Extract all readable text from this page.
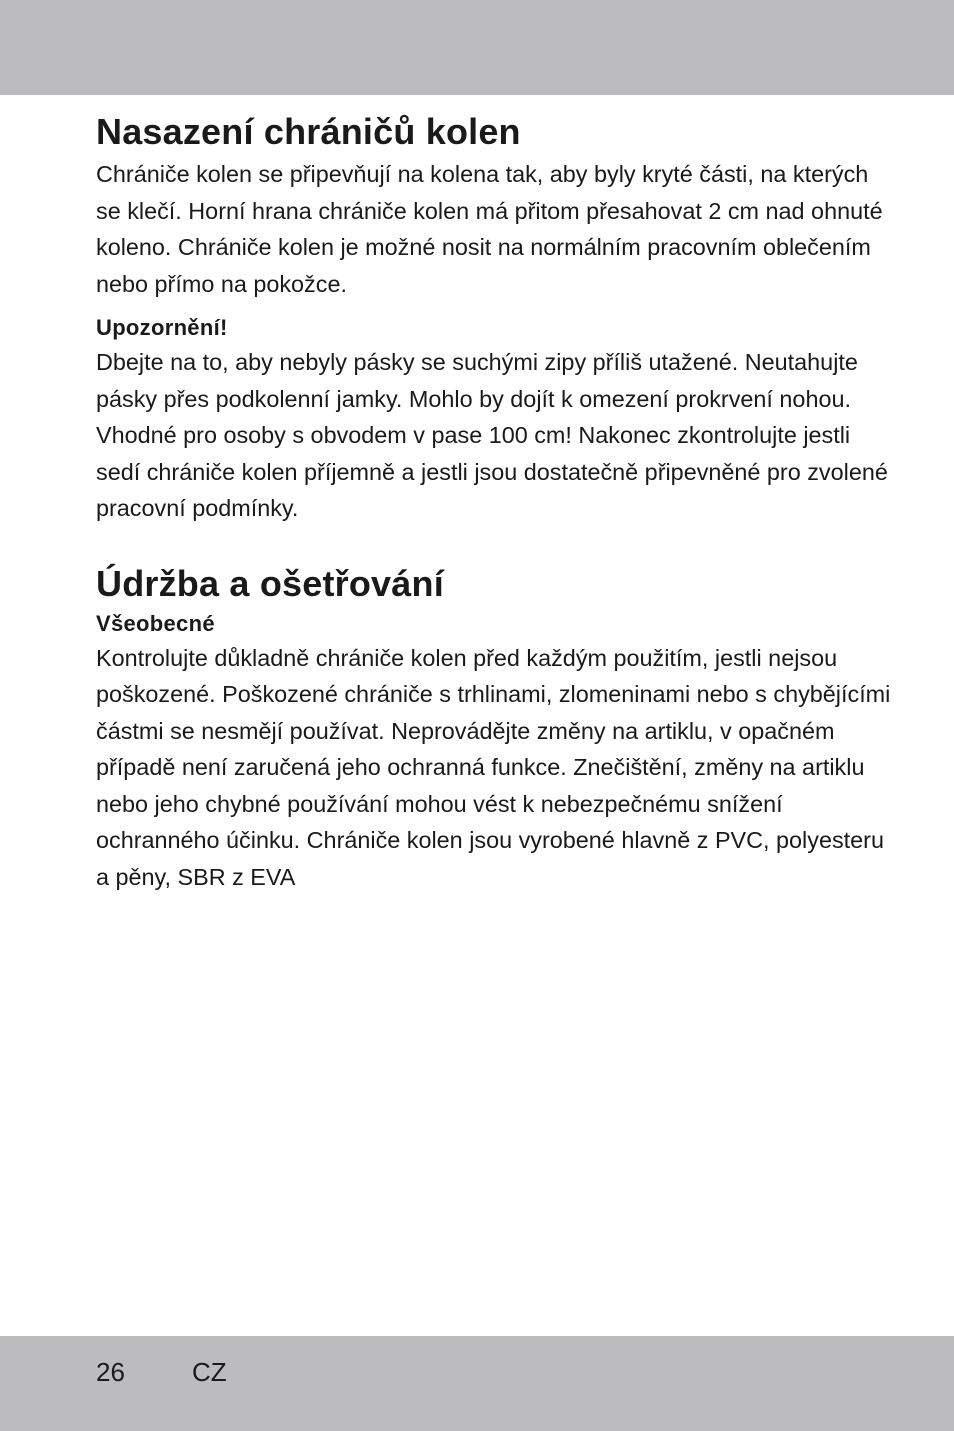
Nasazení chráničů kolen

Chrániče kolen se připevňují na kolena tak, aby byly kryté části, na kterých se klečí. Horní hrana chrániče kolen má přitom přesahovat 2 cm nad ohnuté koleno. Chrániče kolen je možné nosit na normálním pracovním oblečením nebo přímo na pokožce.

Upozornění!

Dbejte na to, aby nebyly pásky se suchými zipy příliš utažené. Neutahujte pásky přes podkolenní jamky. Mohlo by dojít k omezení prokrvení nohou. Vhodné pro osoby s obvodem v pase 100 cm! Nakonec zkontrolujte jestli sedí chrániče kolen příjemně a jestli jsou dostatečně připevněné pro zvolené pracovní podmínky.

Údržba a ošetřování
Všeobecné

Kontrolujte důkladně chrániče kolen před každým použitím, jestli nejsou poškozené. Poškozené chrániče s trhlinami, zlomeninami nebo s chybějícími částmi se nesmějí používat. Neprovádějte změny na artiklu, v opačném případě není zaručená jeho ochranná funkce. Znečištění, změny na artiklu nebo jeho chybné používání mohou vést k nebezpečnému snížení ochranného účinku. Chrániče kolen jsou vyrobené hlavně z PVC, polyesteru a pěny, SBR z EVA

26	CZ
